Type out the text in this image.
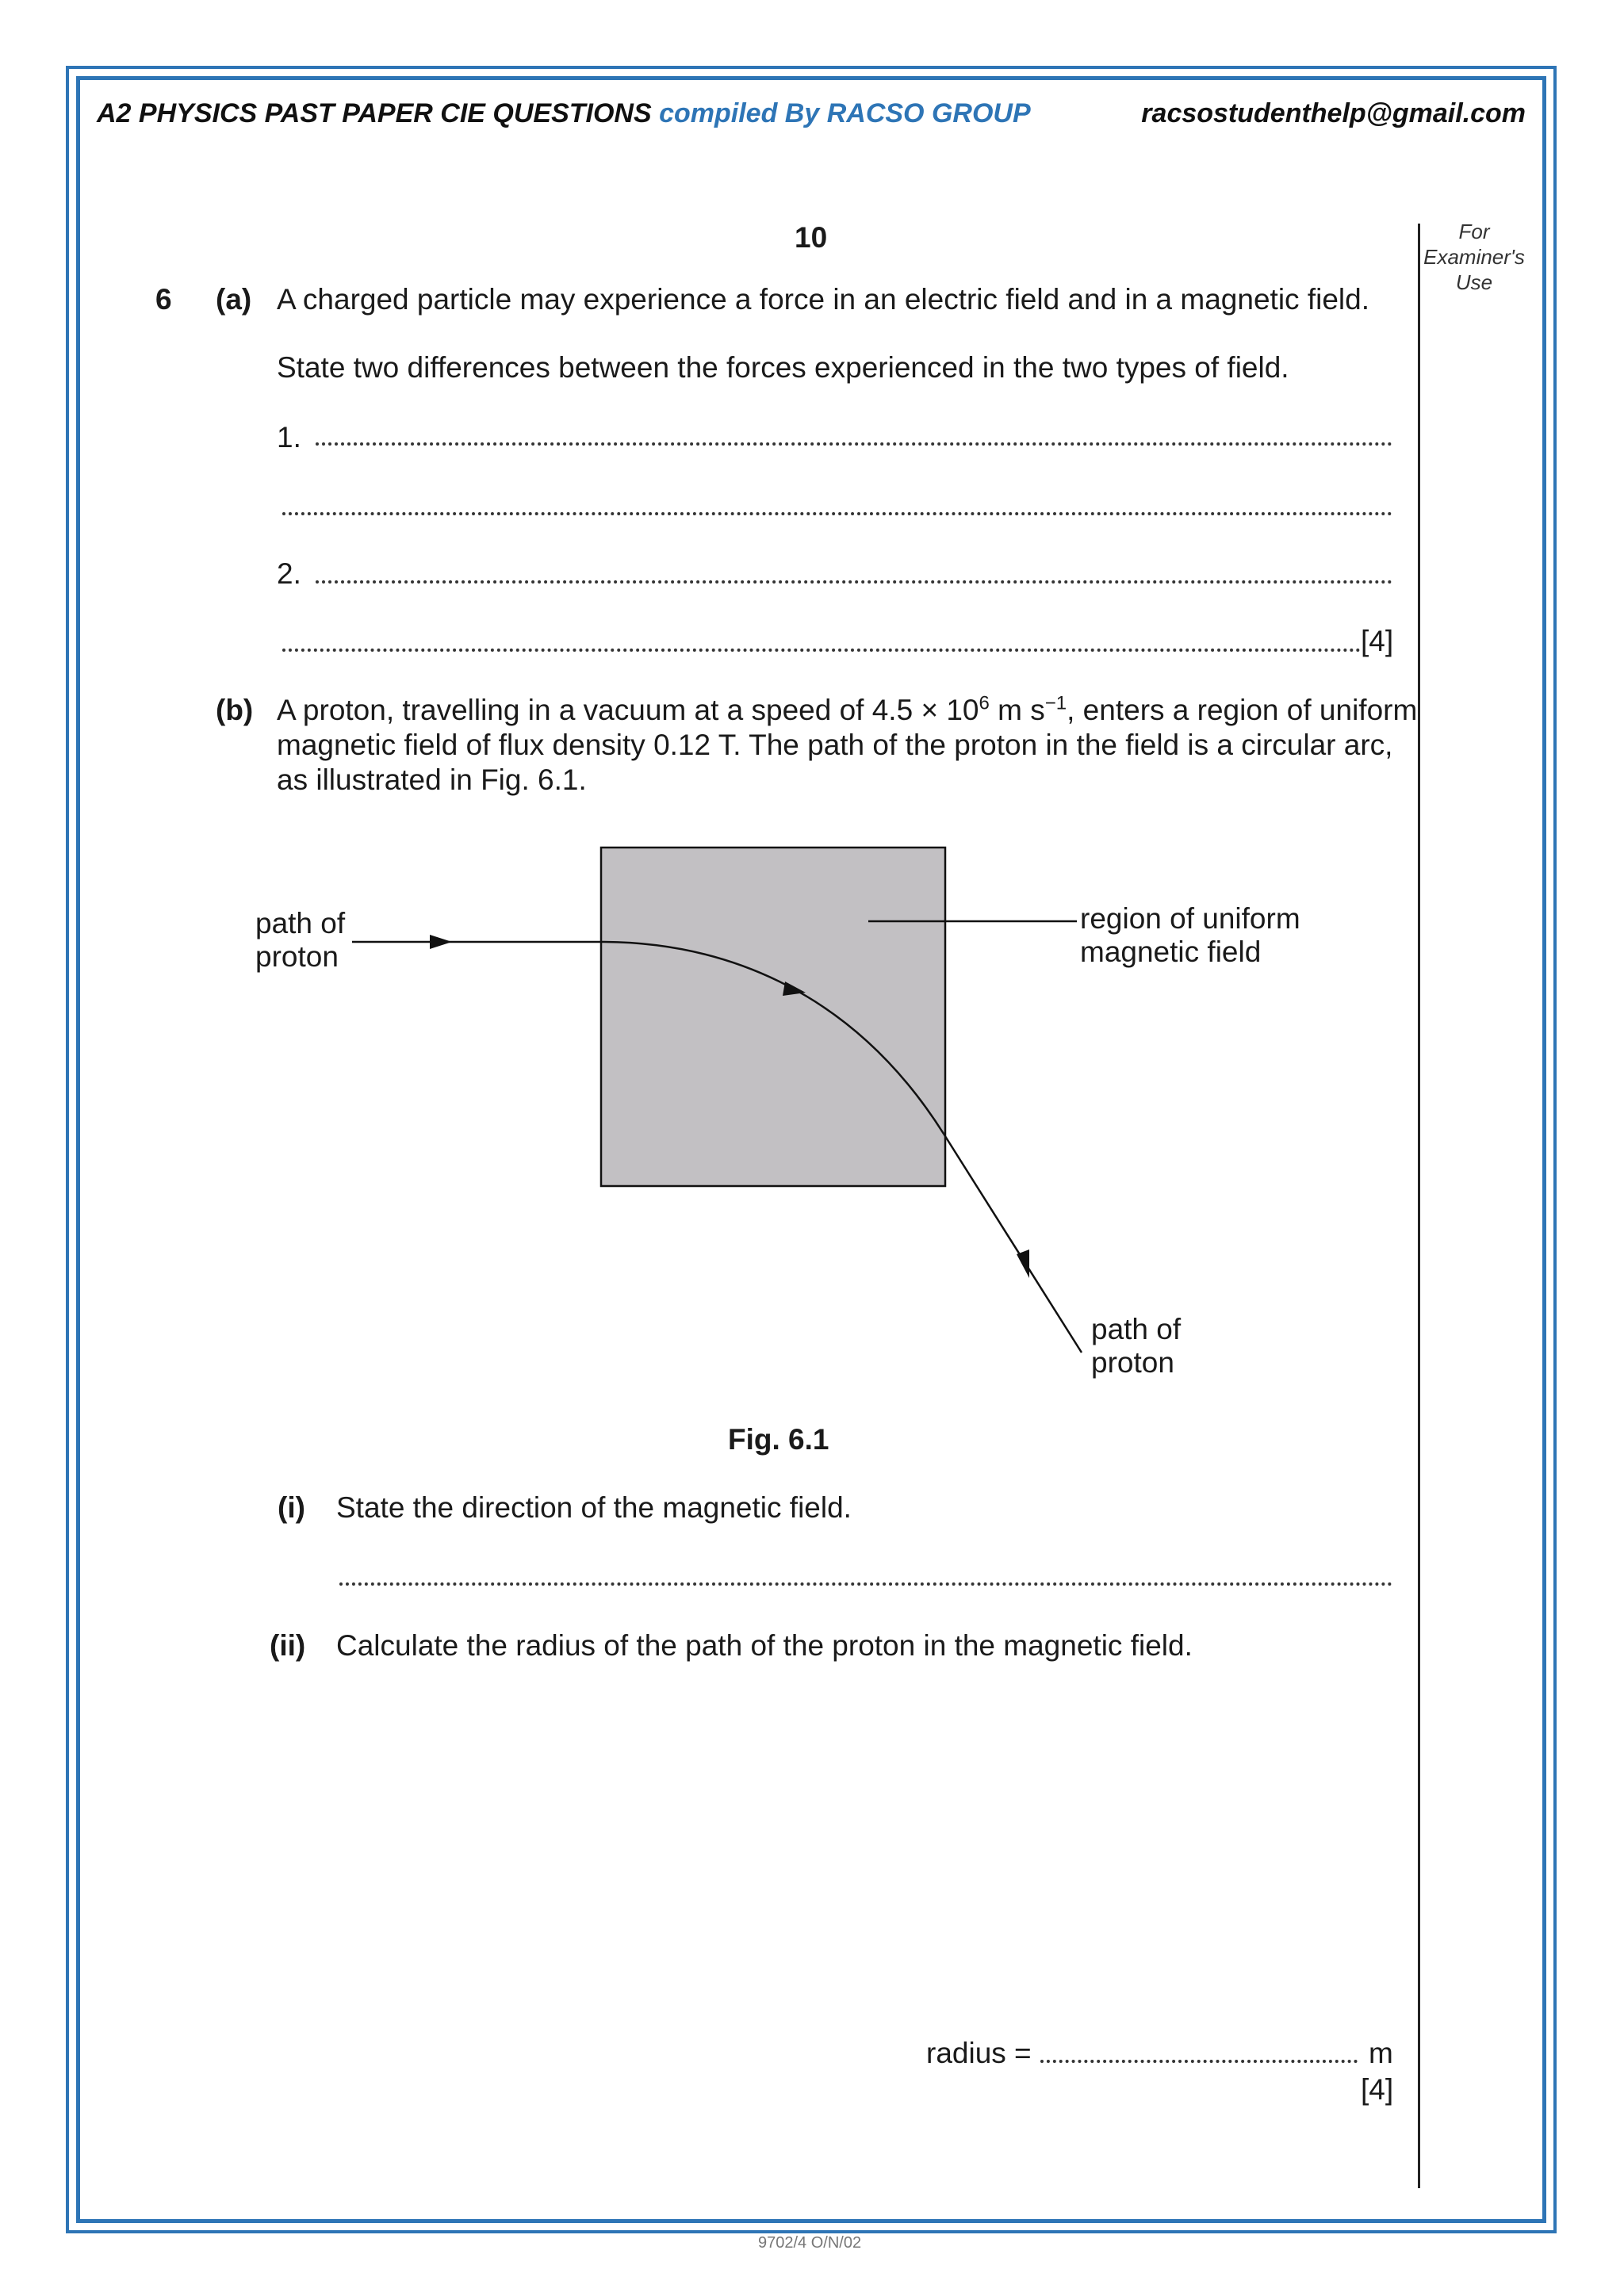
A2 PHYSICS PAST PAPER CIE QUESTIONS compiled By RACSO GROUP	racsostudenthelp@gmail.com
For
Examiner's
Use
10
6 (a) A charged particle may experience a force in an electric field and in a magnetic field.
State two differences between the forces experienced in the two types of field.
1.
2.
[4]
(b) A proton, travelling in a vacuum at a speed of $4.5 \times 10^6$ m $s^{-1}$, enters a region of uniform
magnetic field of flux density 0.12 T. The path of the proton in the field is a circular arc,
as illustrated in Fig. 6.1.
path of
proton
region of uniform
magnetic field
path of
proton
Fig. 6.1
(i) State the direction of the magnetic field.
(ii) Calculate the radius of the path of the proton in the magnetic field.
radius =	m
[4]
9702/4 O/N/02
